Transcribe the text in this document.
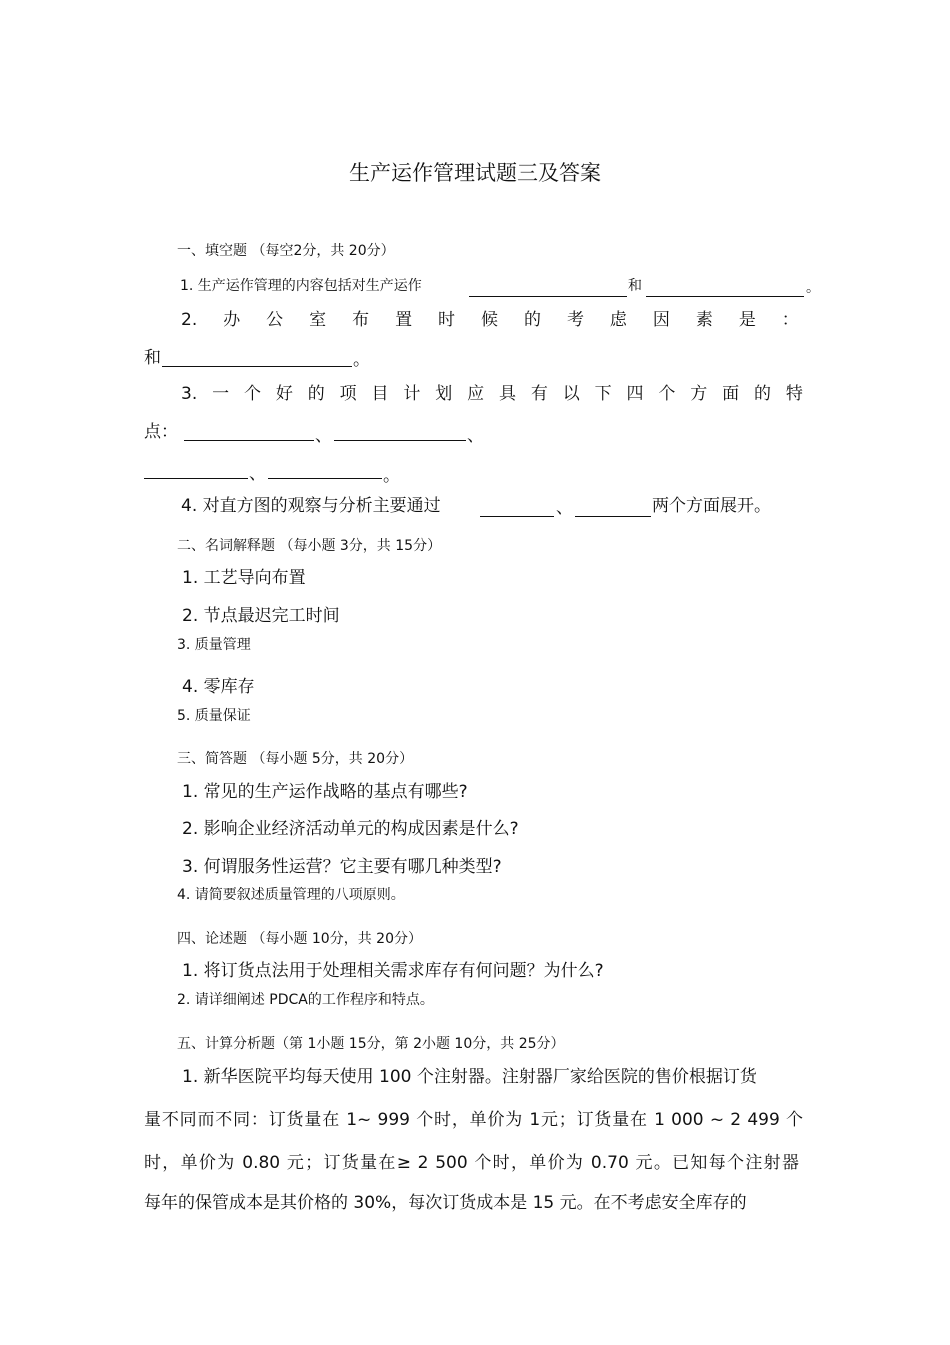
生产运作管理试题三及答案
一、填空题 （每空2分，共 20分）
1. 生产运作管理的内容包括对生产运作	和	。
2. 办 公 室 布 置 时 候 的 考 虑 因 素 是 ：
和	。
3. 一 个 好 的 项 目 计 划 应 具 有 以 下 四 个 方 面 的 特
点：	、	、
、	。
4. 对直方图的观察与分析主要通过	、	两个方面展开。
二、名词解释题 （每小题 3分，共 15分）
1. 工艺导向布置
2. 节点最迟完工时间
3. 质量管理
4. 零库存
5. 质量保证
三、简答题 （每小题 5分，共 20分）
1. 常见的生产运作战略的基点有哪些?
2. 影响企业经济活动单元的构成因素是什么?
3. 何谓服务性运营？它主要有哪几种类型?
4. 请简要叙述质量管理的八项原则。
四、论述题 （每小题 10分，共 20分）
1. 将订货点法用于处理相关需求库存有何问题？为什么?
2. 请详细阐述 PDCA的工作程序和特点。
五、计算分析题（第 1小题 15分，第 2小题 10分，共 25分）
1. 新华医院平均每天使用 100 个注射器。注射器厂家给医院的售价根据订货
量不同而不同：订货量在 1~ 999 个时，单价为 1元；订货量在 1 000 ~ 2 499 个
时，单价为 0.80 元；订货量在≥ 2 500 个时，单价为 0.70 元。已知每个注射器
每年的保管成本是其价格的 30%，每次订货成本是 15 元。在不考虑安全库存的
